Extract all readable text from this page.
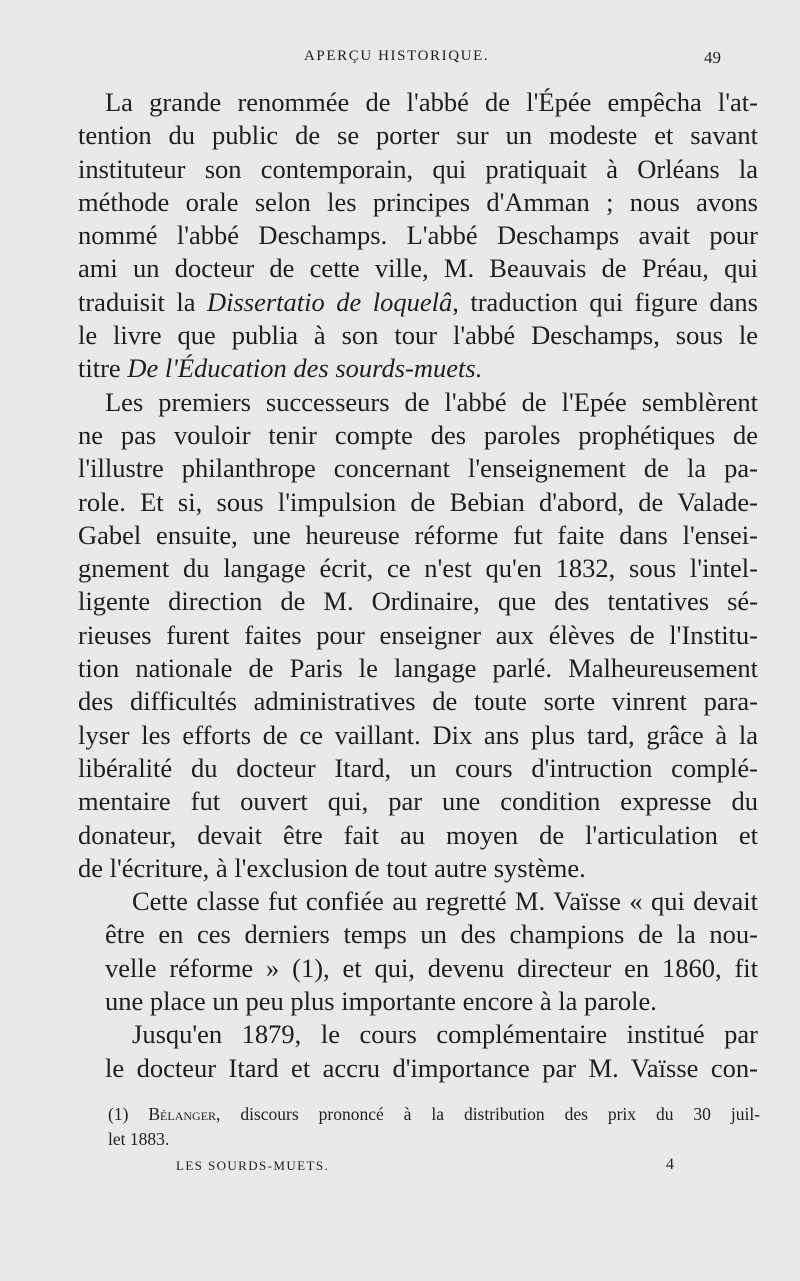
APERÇU HISTORIQUE.	49

La grande renommée de l'abbé de l'Épée empêcha l'at-
tention du public de se porter sur un modeste et savant
instituteur son contemporain, qui pratiquait à Orléans la
méthode orale selon les principes d'Amman ; nous avons
nommé l'abbé Deschamps. L'abbé Deschamps avait pour
ami un docteur de cette ville, M. Beauvais de Préau, qui
traduisit la Dissertatio de loquelâ, traduction qui figure dans
le livre que publia à son tour l'abbé Deschamps, sous le
titre De l'Éducation des sourds-muets.

Les premiers successeurs de l'abbé de l'Epée semblèrent
ne pas vouloir tenir compte des paroles prophétiques de
l'illustre philanthrope concernant l'enseignement de la pa-
role. Et si, sous l'impulsion de Bebian d'abord, de Valade-
Gabel ensuite, une heureuse réforme fut faite dans l'ensei-
gnement du langage écrit, ce n'est qu'en 1832, sous l'intel-
ligente direction de M. Ordinaire, que des tentatives sé-
rieuses furent faites pour enseigner aux élèves de l'Institu-
tion nationale de Paris le langage parlé. Malheureusement
des difficultés administratives de toute sorte vinrent para-
lyser les efforts de ce vaillant. Dix ans plus tard, grâce à la
libéralité du docteur Itard, un cours d'intruction complé-
mentaire fut ouvert qui, par une condition expresse du
donateur, devait être fait au moyen de l'articulation et
de l'écriture, à l'exclusion de tout autre système.

Cette classe fut confiée au regretté M. Vaïsse « qui devait
être en ces derniers temps un des champions de la nou-
velle réforme » (1), et qui, devenu directeur en 1860, fit
une place un peu plus importante encore à la parole.

Jusqu'en 1879, le cours complémentaire institué par
le docteur Itard et accru d'importance par M. Vaïsse con-

(1) Bélanger, discours prononcé à la distribution des prix du 30 juil-
let 1883.
LES SOURDS-MUETS.	4
